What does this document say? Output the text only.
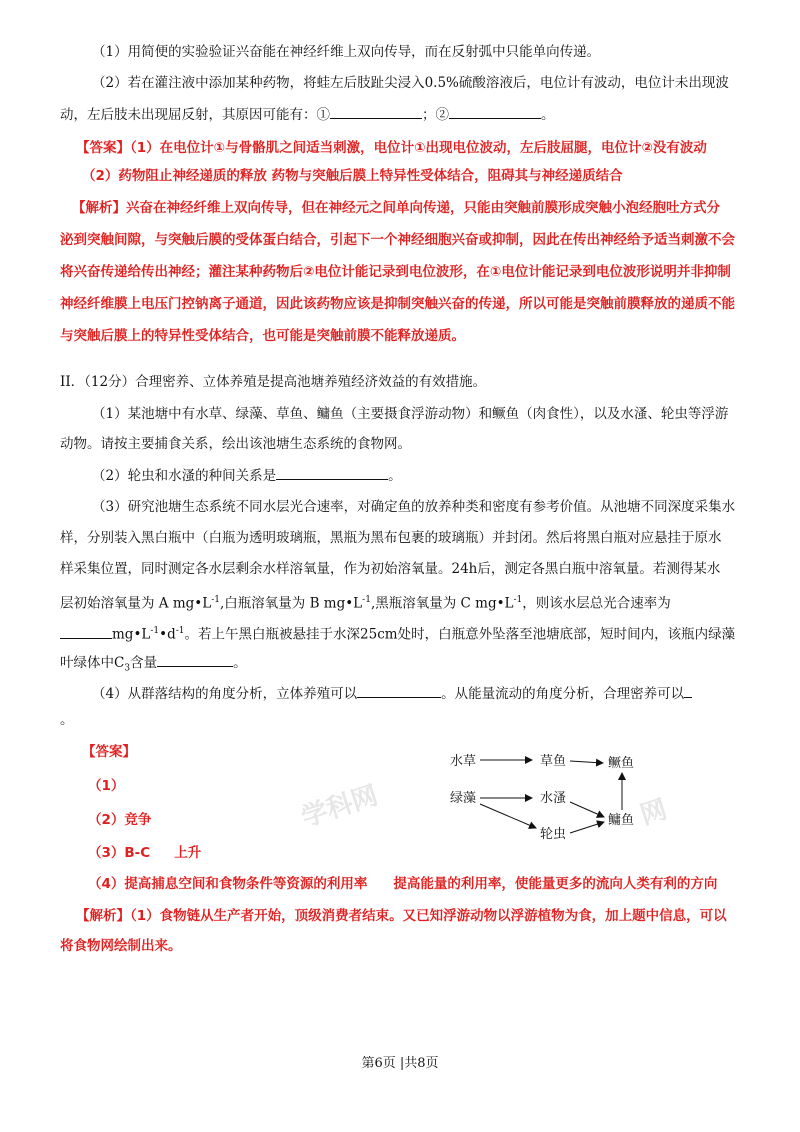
（1）用简便的实验验证兴奋能在神经纤维上双向传导，而在反射弧中只能单向传递。
（2）若在灌注液中添加某种药物，将蛙左后肢趾尖浸入0.5%硫酸溶液后，电位计有波动，电位计未出现波
动，左后肢未出现屈反射，其原因可能有：①	；②	。
【答案】（1）在电位计①与骨骼肌之间适当刺激，电位计①出现电位波动，左后肢屈腿，电位计②没有波动
（2）药物阻止神经递质的释放 药物与突触后膜上特异性受体结合，阻碍其与神经递质结合
【解析】兴奋在神经纤维上双向传导，但在神经元之间单向传递，只能由突触前膜形成突触小泡经胞吐方式分
泌到突触间隙，与突触后膜的受体蛋白结合，引起下一个神经细胞兴奋或抑制，因此在传出神经给予适当刺激不会
将兴奋传递给传出神经；灌注某种药物后②电位计能记录到电位波形，在①电位计能记录到电位波形说明并非抑制
神经纤维膜上电压门控钠离子通道，因此该药物应该是抑制突触兴奋的传递，所以可能是突触前膜释放的递质不能
与突触后膜上的特异性受体结合，也可能是突触前膜不能释放递质。
II．（12分）合理密养、立体养殖是提高池塘养殖经济效益的有效措施。
（1）某池塘中有水草、绿藻、草鱼、鳙鱼（主要摄食浮游动物）和鳜鱼（肉食性），以及水溞、轮虫等浮游
动物。请按主要捕食关系，绘出该池塘生态系统的食物网。
（2）轮虫和水溞的种间关系是	。
（3）研究池塘生态系统不同水层光合速率，对确定鱼的放养种类和密度有参考价值。从池塘不同深度采集水
样，分别装入黑白瓶中（白瓶为透明玻璃瓶，黑瓶为黑布包裹的玻璃瓶）并封闭。然后将黑白瓶对应悬挂于原水
样采集位置，同时测定各水层剩余水样溶氧量，作为初始溶氧量。24h后，测定各黑白瓶中溶氧量。若测得某水
层初始溶氧量为 A $mg•L^{-1}$,白瓶溶氧量为 B $mg•L^{-1}$,黑瓶溶氧量为 C $mg•L^{-1}$，则该水层总光合速率为
$mg•L^{-1}•d^{-1}$。若上午黑白瓶被悬挂于水深25cm处时，白瓶意外坠落至池塘底部，短时间内，该瓶内绿藻
叶绿体中$C_3$含量	。
（4）从群落结构的角度分析，立体养殖可以	。从能量流动的角度分析，合理密养可以
。
学科网	网
【答案】
（1）
（2）竞争
（3）B-C 上升
（4）提高捕息空间和食物条件等资源的利用率 提高能量的利用率，使能量更多的流向人类有利的方向
【解析】（1）食物链从生产者开始，顶级消费者结束。又已知浮游动物以浮游植物为食，加上题中信息，可以
将食物网绘制出来。
水草	草鱼	鳜鱼
绿藻	水溞
鳙鱼
轮虫
第6页 |共8页
